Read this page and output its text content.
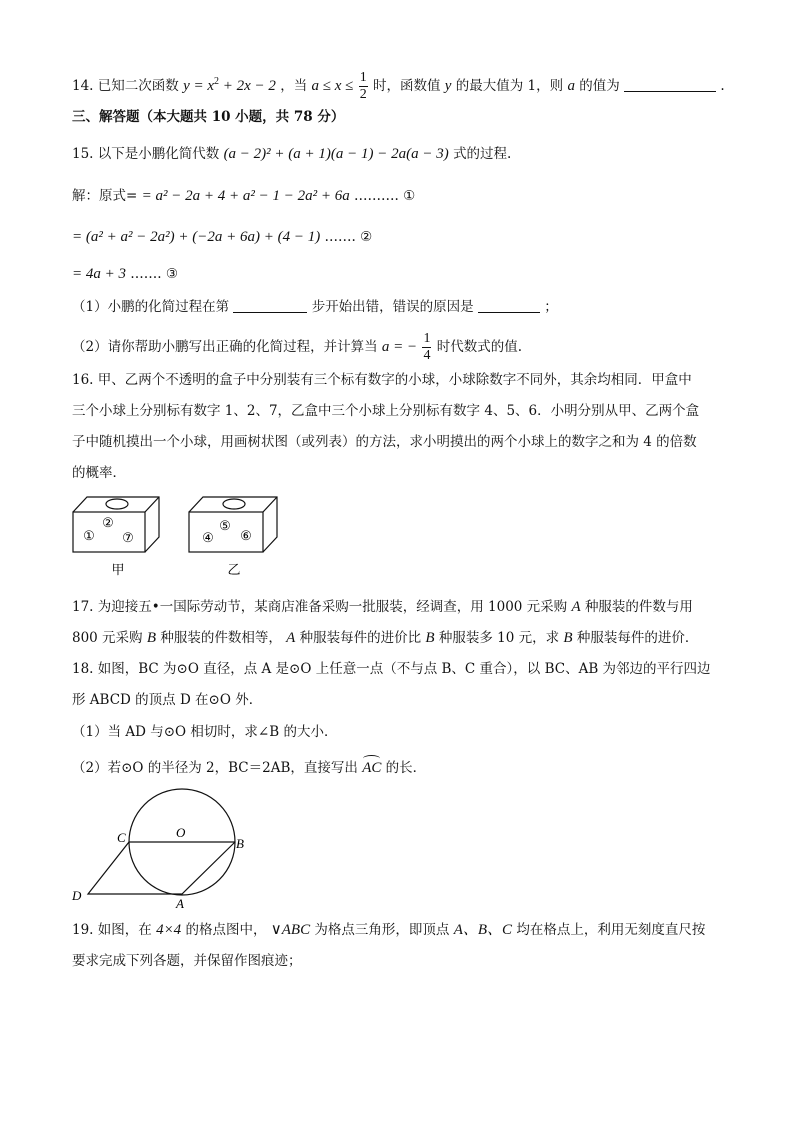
14. 已知二次函数 $y = x^2 + 2x - 2$ ，当 $a \le x \le \frac{1}{2}$ 时，函数值 y 的最大值为 1，则 a 的值为	.
三、解答题（本大题共 10 小题，共 78 分）
15. 以下是小鹏化简代数 (a − 2)² + (a + 1)(a − 1) − 2a(a − 3) 式的过程.
解：原式= = a² − 2a + 4 + a² − 1 − 2a² + 6a ………. ①
= (a² + a² − 2a²) + (−2a + 6a) + (4 − 1) ……. ②
= 4a + 3 ……. ③
（1）小鹏的化简过程在第	步开始出错，错误的原因是	；
（2）请你帮助小鹏写出正确的化简过程，并计算当 a = − $\frac{1}{4}$ 时代数式的值.
16. 甲、乙两个不透明的盒子中分别装有三个标有数字的小球，小球除数字不同外，其余均相同．甲盒中
三个小球上分别标有数字 1、2、7，乙盒中三个小球上分别标有数字 4、5、6．小明分别从甲、乙两个盒
子中随机摸出一个小球，用画树状图（或列表）的方法，求小明摸出的两个小球上的数字之和为 4 的倍数
的概率．
②
① ⑦
⑤
④ ⑥
甲	乙
17. 为迎接五•一国际劳动节，某商店准备采购一批服装，经调查，用 1000 元采购 A 种服装的件数与用
800 元采购 B 种服装的件数相等， A 种服装每件的进价比 B 种服装多 10 元，求 B 种服装每件的进价．
18. 如图，BC 为⊙O 直径，点 A 是⊙O 上任意一点（不与点 B、C 重合），以 BC、AB 为邻边的平行四边
形 ABCD 的顶点 D 在⊙O 外．
（1）当 AD 与⊙O 相切时，求∠B 的大小．
（2）若⊙O 的半径为 2，BC＝2AB，直接写出 AC 的长．
C	O
B
D
A
19. 如图，在 4×4 的格点图中， ∨ABC 为格点三角形，即顶点 A、B、C 均在格点上，利用无刻度直尺按
要求完成下列各题，并保留作图痕迹；
